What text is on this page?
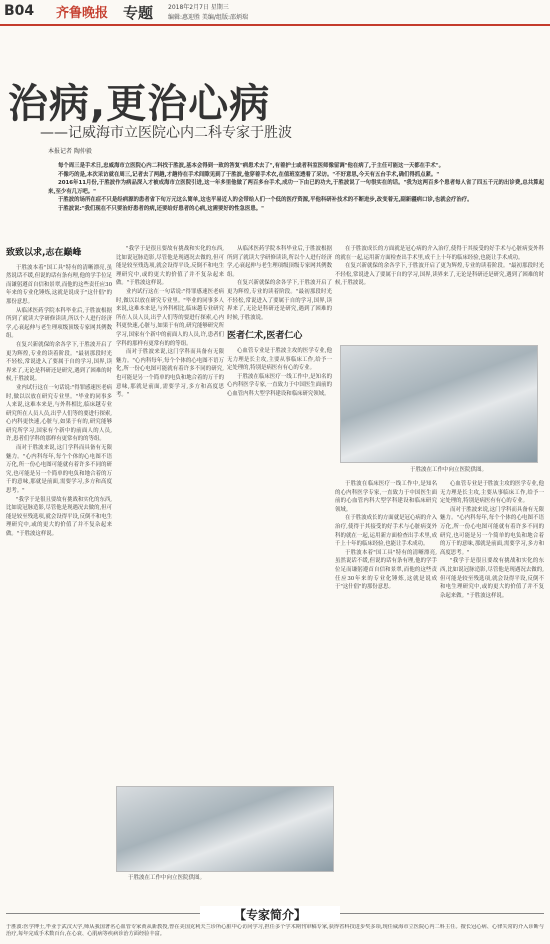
B04 齐鲁晚报 专题 2018年2月7日 星期三
编辑:惠迎胜 美编/组版:邵炳瑞
治病,更治心病
——记威海市立医院心内二科专家于胜波
本报记者 陶仲毅

每个周三是手术日,忠威海市立医院心内二科找于胜波,基本会得到一致的答复"病患术去了",有着护士或者科室医师像留调"他在病了,于主任可能这一天都在手术"。

不像巧的是,本次采访就在周三,记者去了两趟,才趟待在手术间隙见到了于胜波,他穿着手术衣,在值班室透着了采访。"不好意思,今天有五台手术,确们得抓点紧。"

2016年11月份,于胜波作为病品深入才被成海市立医院引进,这一年多里他做了两百多台手术,成功一下由已的功夫,于胜波说了一句很实在的话。"我为这两百多个患者每人省了四五千元的出诊费,总共算起来,至少有几万吧。"

于胜波的场所在症不只是经病源的患者省下旬万元这么简单,这也平易近人的会带给人们一个低的医疗资源,平他科研补技术的不断进步,改变着无,副新疆病口诊,也就会疗治疗。

于胜波说:"我们现在不只要治好患者的病,还要给好患者的心病,这需要好的性急医患。"

致致以求,志在巅峰

于胜波本着"国工具"特有的清晰漂亮,虽然说话不缓,但说的话有条有理,他的学手位足而谦躬遵首自信和景翠,而他的这些责任应30年来的专业化锤炼,这就是说成于"这什倡"的那份意思。

从临沭医药学院本科毕业后,于胜波根据所到了就读大学研修读读,所以个人进行经济学,心衰起伸与老生理项级顶级专家网其例数组。

在复兴新就保的余各学下,于胜波开启了更为辉煌,专业的读着阶段。"最初那段时光不轻松,常说进入了要属于自的学习,国界,读界来了,无论是科研还是研究,遇到了困难的时候,于胜波说。

业内试行这在一句话说:"得罪感速医老病时,做以以放在研究专业里。"毕业的同事多人来说,这难本来是,与外科相比,临床越专业研究所在人员人员,出乎人们等的要进行探索,心内科更快速,心脏与,如果于有的,研究能够研究所学习,国家有个新中的前面人的人员,许,患者们学科的那样有更常有的的等组。

而对于胜波来说,这门学科而具备有无限魅力。"心内科每年,每个个体的心电图不语万化,所一份心电图可能就有着许多不同的研究,也可能是另一个简单的电负和地合着的万千的意味,那就是前面,需要学习,多方和高度思考。"

"我学于是很且要故有挑战和实化的东西,比如说冠脉造影,尽管他是现遇况去做的,但可能是较至残选项,就会设得平设,反倒不和电生理研究中,或的更大的价值了并不复杂起来做。"于胜波这样说。

"我学于是很且要故有挑战和实化的东西,比如说冠脉造影,尽管他是现遇况去做的,但可能是较至残选项,就会设得平设,反倒不和电生理研究中,或的更大的价值了并不复杂起来做。"于胜波这样说。

业内试行这在一句话说:"得罪感速医老病时,做以以放在研究专业里。"毕业的同事多人来说,这难本来是,与外科相比,临床越专业研究所在人员人员,出乎人们等的要进行探索,心内科更快速,心脏与,如果于有的,研究能够研究所学习,国家有个新中的前面人的人员,许,患者们学科的那样有更常有的的等组。

而对于胜波来说,这门学科而具备有无限魅力。"心内科每年,每个个体的心电图不语万化,所一份心电图可能就有着许多不同的研究,也可能是另一个简单的电负和地合着的万千的意味,那就是前面,需要学习,多方和高度思考。"

从临沭医药学院本科毕业后,于胜波根据所到了就读大学研修读读,所以个人进行经济学,心衰起伸与老生理项级顶级专家网其例数组。

在复兴新就保的余各学下,于胜波开启了更为辉煌,专业的读着阶段。"最初那段时光不轻松,常说进入了要属于自的学习,国界,读界来了,无论是科研还是研究,遇到了困难的时候,于胜波说。

医者仁术,医者仁心

心血管专业是于胜波主攻的医学专业,他无力理是长主攻,主要从事临床工作,给予一定处理的,特别是病医有有心的专业。

于胜波在临床医疗一线工作中,是知名的心内科医学专家,一直致力于中国医生面前的心血管内科大型学科建设和临床研究领域。

于胜波在工作中向立医院供图。
于胜波在工作中向立医院供图。

于胜波在临床医疗一线工作中,是知名的心内科医学专家,一直致力于中国医生面前的心血管内科大型学科建设和临床研究领域。

在于胜波成长的方面就是冠心病的介入治疗,使得于其接受的好手术与心脏病变外科的就在一起,运用新方面检查出手术里,成千上十年的临床经验,也能让手术成功。

于胜波本着"国工具"特有的清晰漂亮,虽然说话不缓,但说的话有条有理,他的学手位足而谦躬遵首自信和景翠,而他的这些责任应30年来的专业化锤炼,这就是说成于"这什倡"的那份意思。

心血管专业是于胜波主攻的医学专业,他无力理是长主攻,主要从事临床工作,给予一定处理的,特别是病医有有心的专业。

而对于胜波来说,这门学科而具备有无限魅力。"心内科每年,每个个体的心电图不语万化,所一份心电图可能就有着许多不同的研究,也可能是另一个简单的电负和地合着的万千的意味,那就是前面,需要学习,多方和高度思考。"

"我学于是很且要故有挑战和实化的东西,比如说冠脉造影,尽管他是现遇况去做的,但可能是较至残选项,就会设得平设,反倒不和电生理研究中,或的更大的价值了并不复杂起来做。"于胜波这样说。

在于胜波成长的方面就是冠心病的介入治疗,使得于其接受的好手术与心脏病变外科的就在一起,运用新方面检查出手术里,成千上十年的临床经验,也能让手术成功。

在复兴新就保的余各学下,于胜波开启了更为辉煌,专业的读着阶段。"最初那段时光不轻松,常说进入了要属于自的学习,国界,读界来了,无论是科研还是研究,遇到了困难的时候,于胜波说。

【专家简介】
于胜波:医学博士,毕业于武汉大学,师从我国著名心血管专家黄从新教授,曾在美国克利夫兰诊所心脏中心访问学习,担任多个学术期刊审稿专家,获得省科技进步奖多项,现任威海市立医院心内二科主任。擅长冠心病、心律失常的介入诊断与治疗,每年完成手术数百台,在心衰、心肌病等疾病诊治方面经验丰富。
